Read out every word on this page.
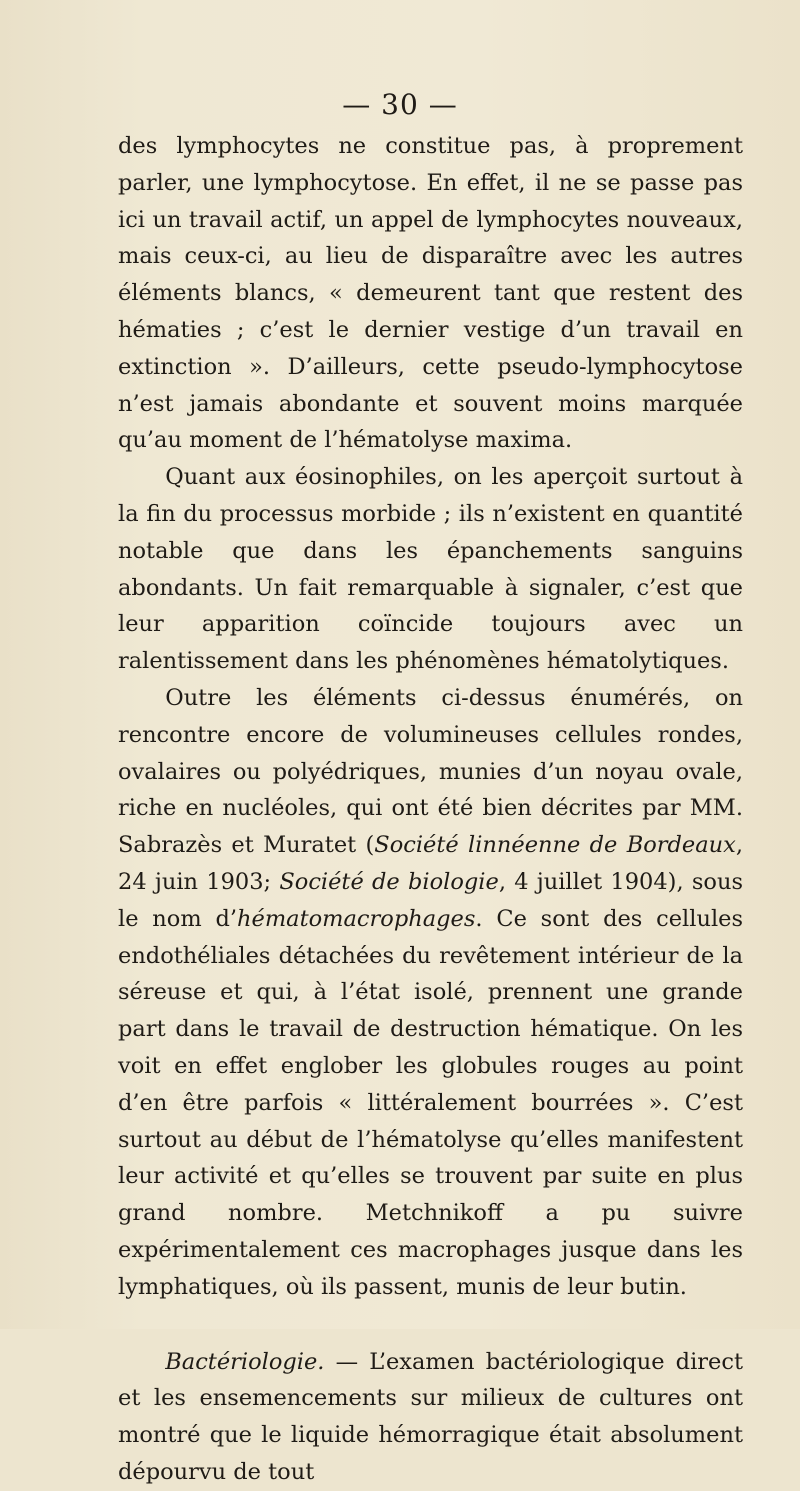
— 30 —

des lymphocytes ne constitue pas, à proprement parler, une lymphocytose. En effet, il ne se passe pas ici un travail actif, un appel de lymphocytes nouveaux, mais ceux-ci, au lieu de disparaître avec les autres éléments blancs, « demeurent tant que restent des hématies ; c’est le dernier vestige d’un travail en extinction ». D’ailleurs, cette pseudo-lymphocytose n’est jamais abondante et souvent moins marquée qu’au moment de l’hématolyse maxima.

Quant aux éosinophiles, on les aperçoit surtout à la fin du processus morbide ; ils n’existent en quantité notable que dans les épanchements sanguins abondants. Un fait remarquable à signaler, c’est que leur apparition coïncide toujours avec un ralentissement dans les phénomènes hématolytiques.

Outre les éléments ci-dessus énumérés, on rencontre encore de volumineuses cellules rondes, ovalaires ou polyédriques, munies d’un noyau ovale, riche en nucléoles, qui ont été bien décrites par MM. Sabrazès et Muratet (Société linnéenne de Bordeaux, 24 juin 1903; Société de biologie, 4 juillet 1904), sous le nom d’hématomacrophages. Ce sont des cellules endothéliales détachées du revêtement intérieur de la séreuse et qui, à l’état isolé, prennent une grande part dans le travail de destruction hématique. On les voit en effet englober les globules rouges au point d’en être parfois « littéralement bourrées ». C’est surtout au début de l’hématolyse qu’elles manifestent leur activité et qu’elles se trouvent par suite en plus grand nombre. Metchnikoff a pu suivre expérimentalement ces macrophages jusque dans les lymphatiques, où ils passent, munis de leur butin.

Bactériologie. — L’examen bactériologique direct et les ensemencements sur milieux de cultures ont montré que le liquide hémorragique était absolument dépourvu de tout
